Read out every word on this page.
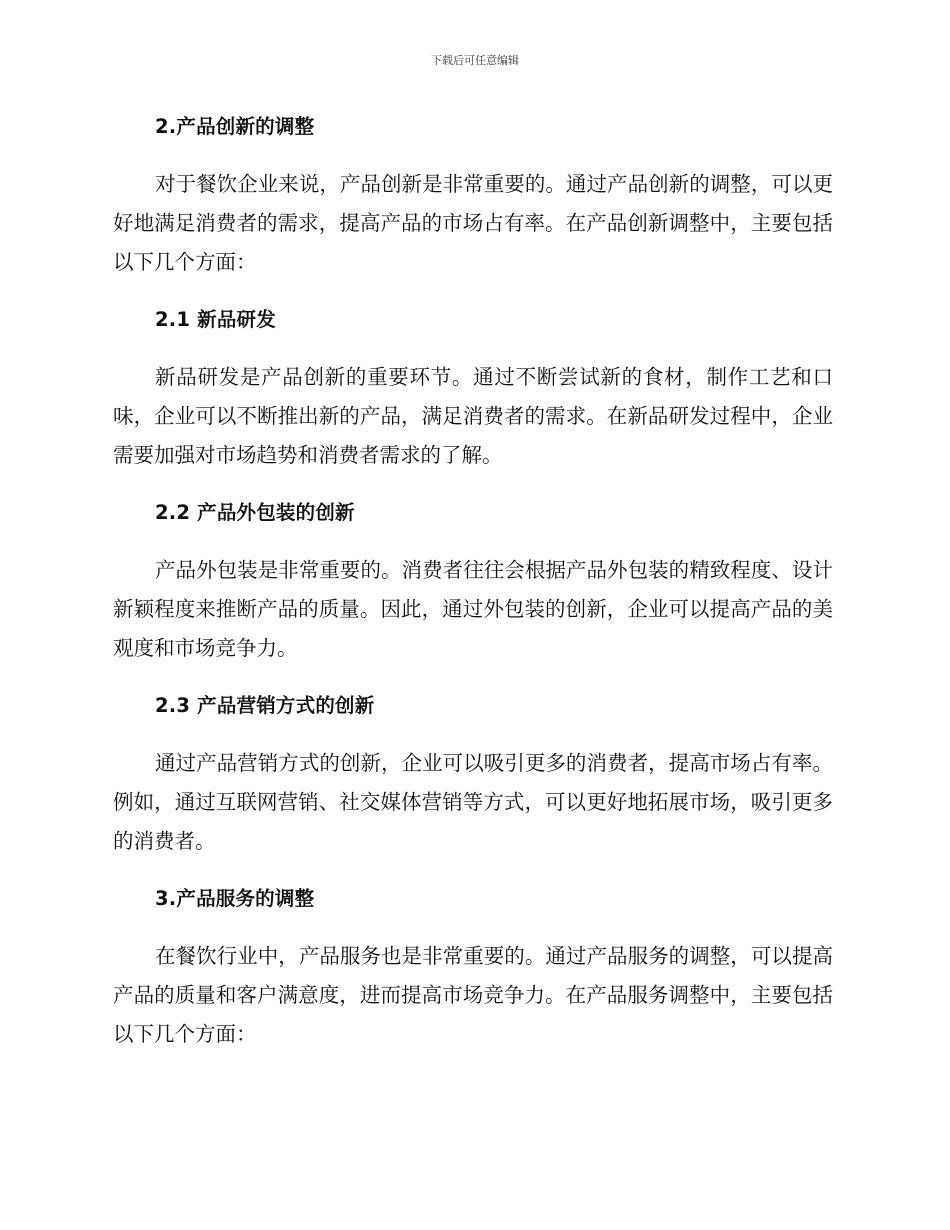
下载后可任意编辑
2.产品创新的调整

对于餐饮企业来说，产品创新是非常重要的。通过产品创新的调整，可以更好地满足消费者的需求，提高产品的市场占有率。在产品创新调整中，主要包括以下几个方面：

2.1 新品研发

新品研发是产品创新的重要环节。通过不断尝试新的食材，制作工艺和口味，企业可以不断推出新的产品，满足消费者的需求。在新品研发过程中，企业需要加强对市场趋势和消费者需求的了解。

2.2 产品外包装的创新

产品外包装是非常重要的。消费者往往会根据产品外包装的精致程度、设计新颖程度来推断产品的质量。因此，通过外包装的创新，企业可以提高产品的美观度和市场竞争力。

2.3 产品营销方式的创新

通过产品营销方式的创新，企业可以吸引更多的消费者，提高市场占有率。例如，通过互联网营销、社交媒体营销等方式，可以更好地拓展市场，吸引更多的消费者。

3.产品服务的调整

在餐饮行业中，产品服务也是非常重要的。通过产品服务的调整，可以提高产品的质量和客户满意度，进而提高市场竞争力。在产品服务调整中，主要包括以下几个方面：
